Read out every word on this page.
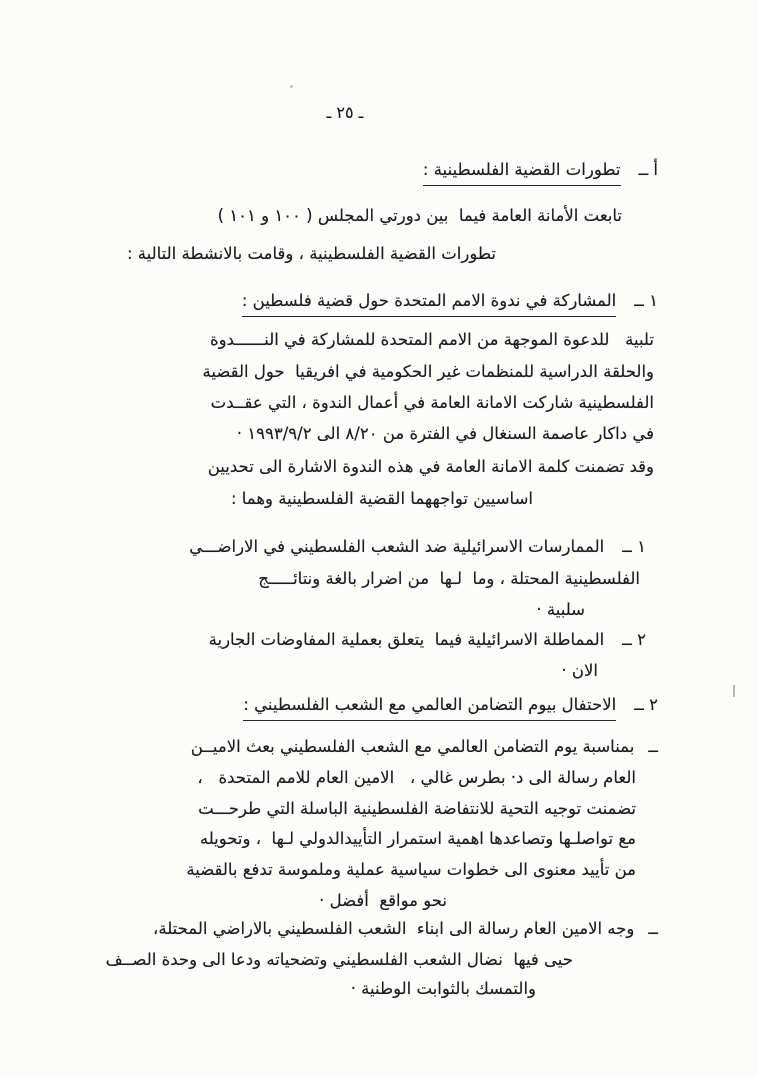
ـ ٢٥ ـ
أ ــ
تطورات القضية الفلسطينية :
تابعت الأمانة العامة فيما  بين دورتي المجلس ( ١٠٠ و ١٠١ )
تطورات القضية الفلسطينية ، وقامت بالانشطة التالية :
١ ــ
المشاركة في ندوة الامم المتحدة حول قضية فلسطين :
تلبية   للدعوة الموجهة من الامم المتحدة للمشاركة في النــــــدوة
والحلقة الدراسية للمنظمات غير الحكومية في افريقيا  حول القضية
الفلسطينية شاركت الامانة العامة في أعمال الندوة ، التي عقــدت
في داكار عاصمة السنغال في الفترة من ٨/٢٠ الى ١٩٩٣/٩/٢ ·
وقد تضمنت كلمة الامانة العامة في هذه الندوة الاشارة الى تحديين
اساسيين تواجههما القضية الفلسطينية وهما :
١ ــ
الممارسات الاسرائيلية ضد الشعب الفلسطيني في الاراضـــي
الفلسطينية المحتلة ، وما  لـها  من اضرار بالغة ونتائـــــج
سلبية ·
٢ ــ
المماطلة الاسرائيلية فيما  يتعلق بعملية المفاوضات الجارية
الان ·
٢ ــ
الاحتفال بيوم التضامن العالمي مع الشعب الفلسطيني :
ــ
بمناسبة يوم التضامن العالمي مع الشعب الفلسطيني بعث الاميــن
العام رسالة الى د· بطرس غالي ،   الامين العام للامم المتحدة   ،
تضمنت توجيه التحية للانتفاضة الفلسطينية الباسلة التي طرحـــت
مع تواصلـها وتصاعدها اهمية استمرار التأييدالدولي لـها  ، وتحويله
من تأييد معنوى الى خطوات سياسية عملية وملموسة تدفع بالقضية
نحو مواقع  أفضل ·
ــ
وجه الامين العام رسالة الى ابناء  الشعب الفلسطيني بالاراضي المحتلة،
حيى فيها  نضال الشعب الفلسطيني وتضحياته ودعا الى وحدة الصــف
والتمسك بالثوابت الوطنية ·
